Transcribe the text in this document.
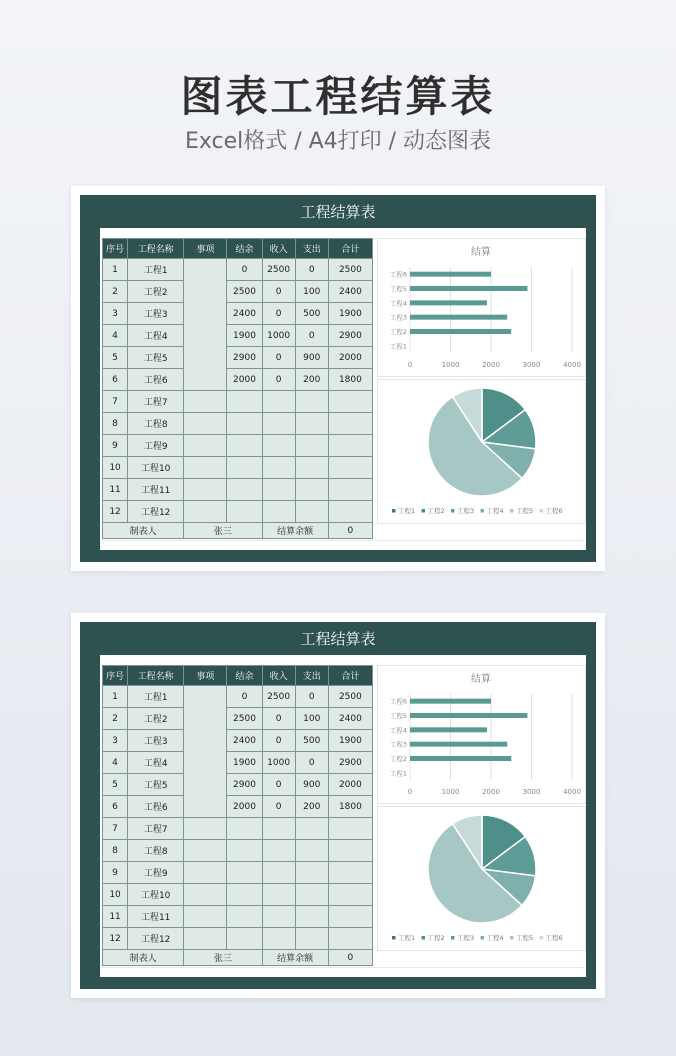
图表工程结算表
Excel格式 / A4打印 / 动态图表
工程结算表
序号	工程名称	事项	结余	收入	支出	合计
1	工程1		0	2500	0	2500
2	工程2		2500	0	100	2400
3	工程3		2400	0	500	1900
4	工程4		1900	1000	0	2900
5	工程5		2900	0	900	2000
6	工程6		2000	0	200	1800
7	工程7					
8	工程8					
9	工程9					
10	工程10					
11	工程11					
12	工程12					
制表人		张三		结算余额		0
结算
0	1000	2000	3000	4000
工程1
工程2
工程3
工程4
工程5
工程6
工程1 工程2 工程3 工程4 工程5 工程6
工程结算表
序号	工程名称	事项	结余	收入	支出	合计
1	工程1		0	2500	0	2500
2	工程2		2500	0	100	2400
3	工程3		2400	0	500	1900
4	工程4		1900	1000	0	2900
5	工程5		2900	0	900	2000
6	工程6		2000	0	200	1800
7	工程7					
8	工程8					
9	工程9					
10	工程10					
11	工程11					
12	工程12					
制表人		张三		结算余额		0
结算
0	1000	2000	3000	4000
工程1
工程2
工程3
工程4
工程5
工程6
工程1 工程2 工程3 工程4 工程5 工程6
